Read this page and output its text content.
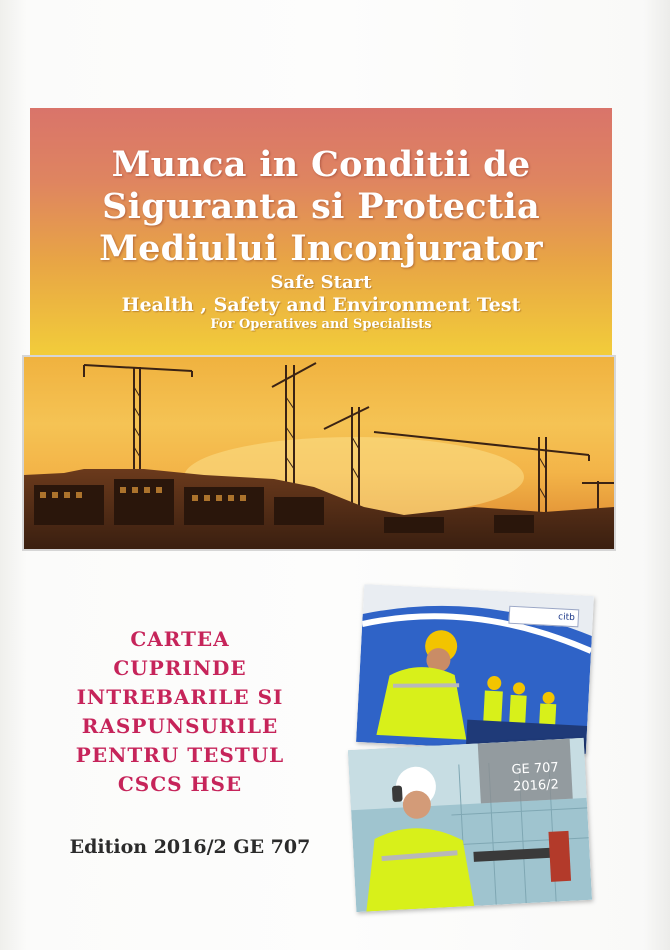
Munca in Conditii de
Siguranta si Protectia
Mediului Inconjurator
Safe Start
Health , Safety and Environment Test
For Operatives and Specialists
CARTEA
CUPRINDE
INTREBARILE SI
RASPUNSURILE
PENTRU TESTUL
CSCS HSE
Edition 2016/2 GE 707
citb
GE 707
2016/2
